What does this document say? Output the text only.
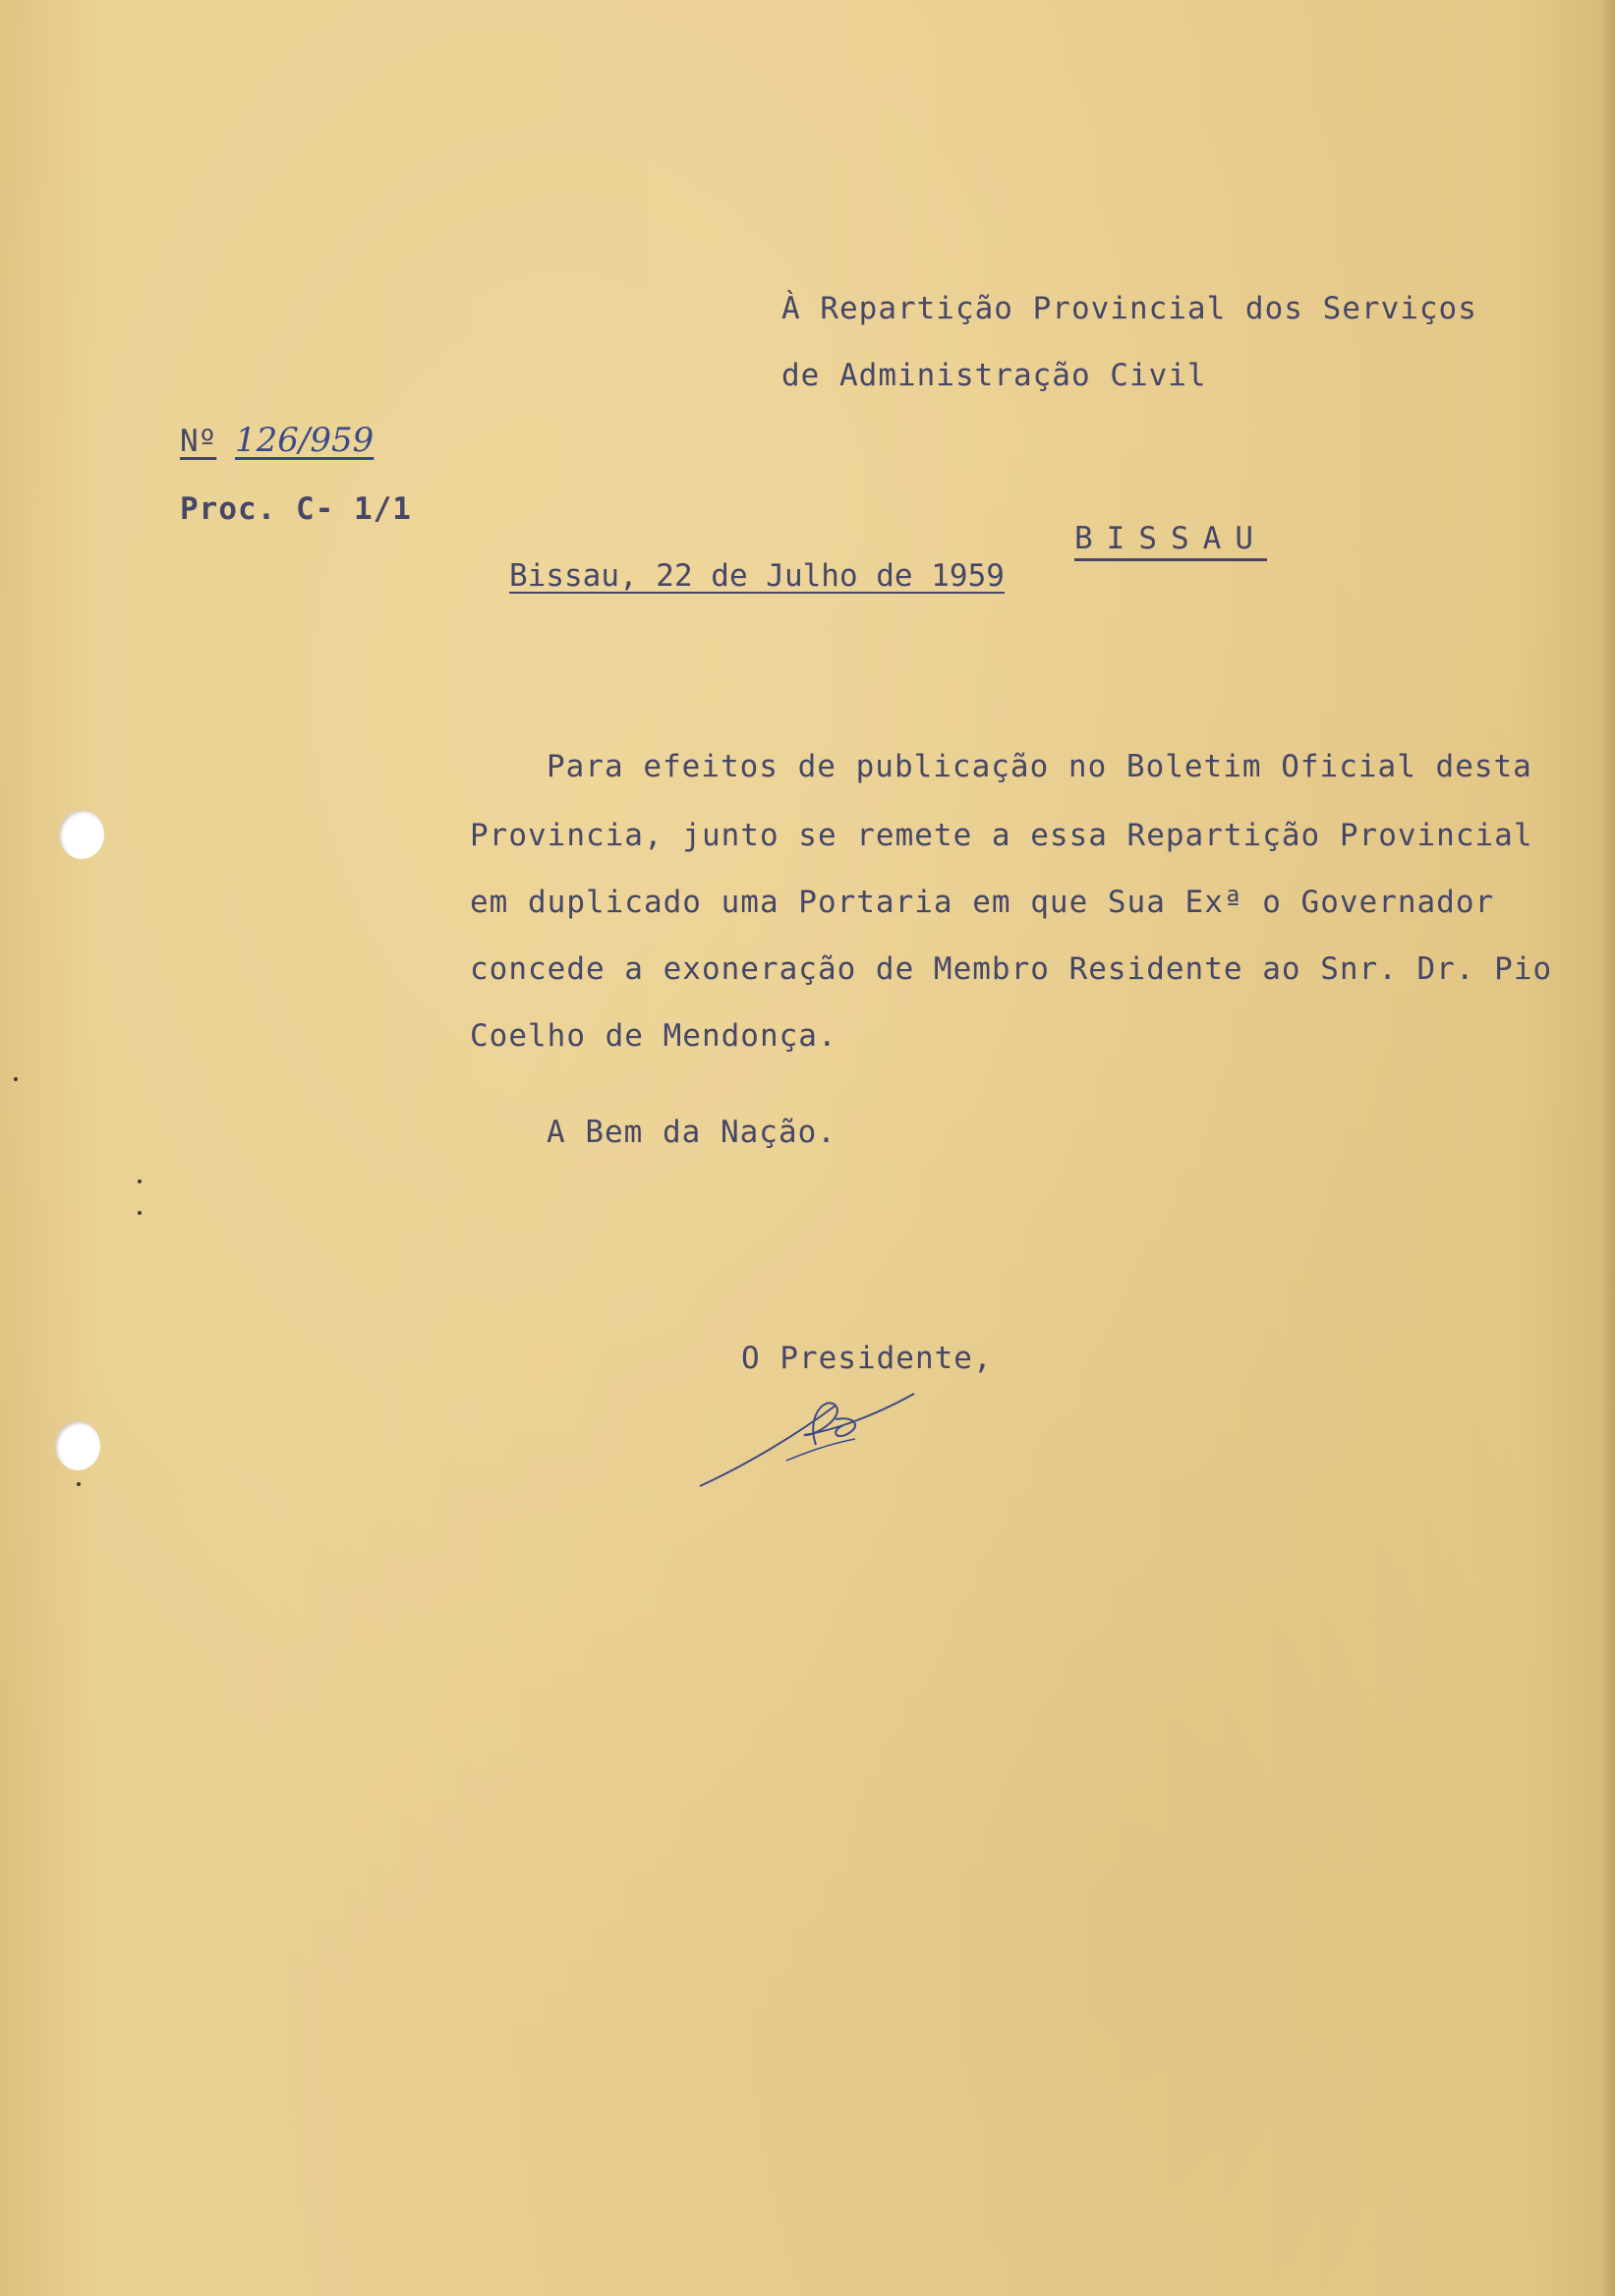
À Repartição Provincial dos Serviços
de Administração Civil
Nº 126/959
Proc. C- 1/1
BISSAU
Bissau, 22 de Julho de 1959
Para efeitos de publicação no Boletim Oficial desta
Provincia, junto se remete a essa Repartição Provincial
em duplicado uma Portaria em que Sua Exª o Governador
concede a exoneração de Membro Residente ao Snr. Dr. Pio
Coelho de Mendonça.
A Bem da Nação.
O Presidente,
